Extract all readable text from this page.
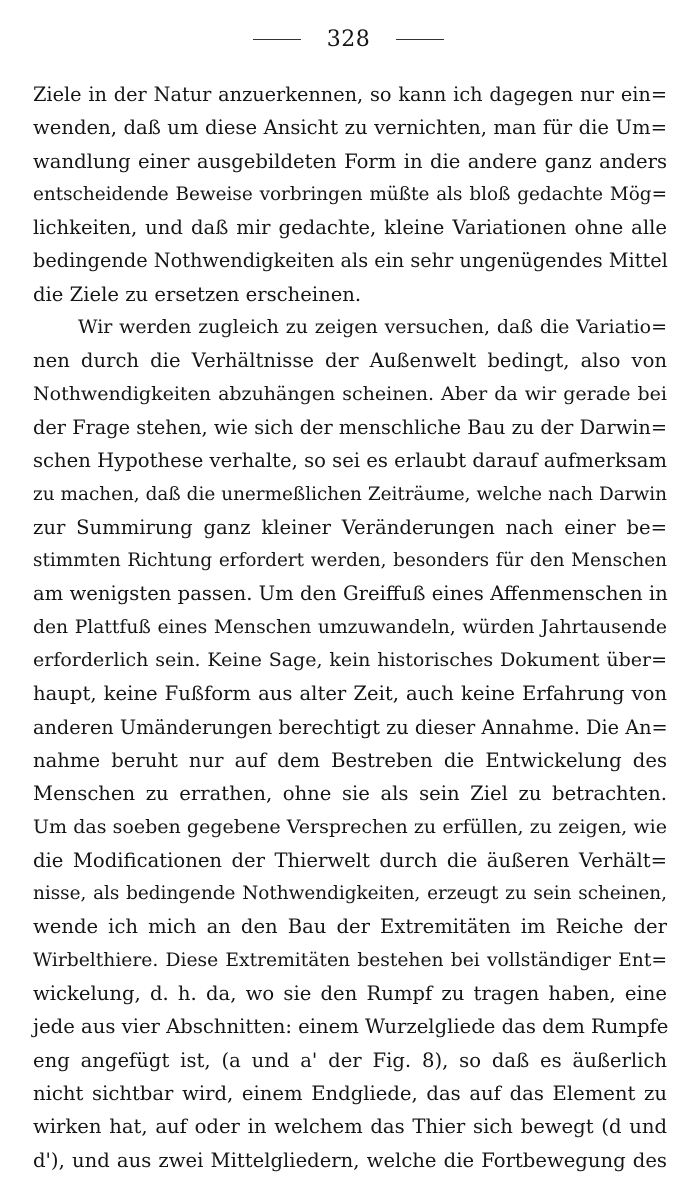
328
Ziele in der Natur anzuerkennen, so kann ich dagegen nur ein=
wenden, daß um diese Ansicht zu vernichten, man für die Um=
wandlung einer ausgebildeten Form in die andere ganz anders
entscheidende Beweise vorbringen müßte als bloß gedachte Mög=
lichkeiten, und daß mir gedachte, kleine Variationen ohne alle
bedingende Nothwendigkeiten als ein sehr ungenügendes Mittel
die Ziele zu ersetzen erscheinen.
Wir werden zugleich zu zeigen versuchen, daß die Variatio=
nen durch die Verhältnisse der Außenwelt bedingt, also von
Nothwendigkeiten abzuhängen scheinen. Aber da wir gerade bei
der Frage stehen, wie sich der menschliche Bau zu der Darwin=
schen Hypothese verhalte, so sei es erlaubt darauf aufmerksam
zu machen, daß die unermeßlichen Zeiträume, welche nach Darwin
zur Summirung ganz kleiner Veränderungen nach einer be=
stimmten Richtung erfordert werden, besonders für den Menschen
am wenigsten passen. Um den Greiffuß eines Affenmenschen in
den Plattfuß eines Menschen umzuwandeln, würden Jahrtausende
erforderlich sein. Keine Sage, kein historisches Dokument über=
haupt, keine Fußform aus alter Zeit, auch keine Erfahrung von
anderen Umänderungen berechtigt zu dieser Annahme. Die An=
nahme beruht nur auf dem Bestreben die Entwickelung des
Menschen zu errathen, ohne sie als sein Ziel zu betrachten.
Um das soeben gegebene Versprechen zu erfüllen, zu zeigen, wie
die Modificationen der Thierwelt durch die äußeren Verhält=
nisse, als bedingende Nothwendigkeiten, erzeugt zu sein scheinen,
wende ich mich an den Bau der Extremitäten im Reiche der
Wirbelthiere. Diese Extremitäten bestehen bei vollständiger Ent=
wickelung, d. h. da, wo sie den Rumpf zu tragen haben, eine
jede aus vier Abschnitten: einem Wurzelgliede das dem Rumpfe
eng angefügt ist, (a und a' der Fig. 8), so daß es äußerlich
nicht sichtbar wird, einem Endgliede, das auf das Element zu
wirken hat, auf oder in welchem das Thier sich bewegt (d und
d'), und aus zwei Mittelgliedern, welche die Fortbewegung des
